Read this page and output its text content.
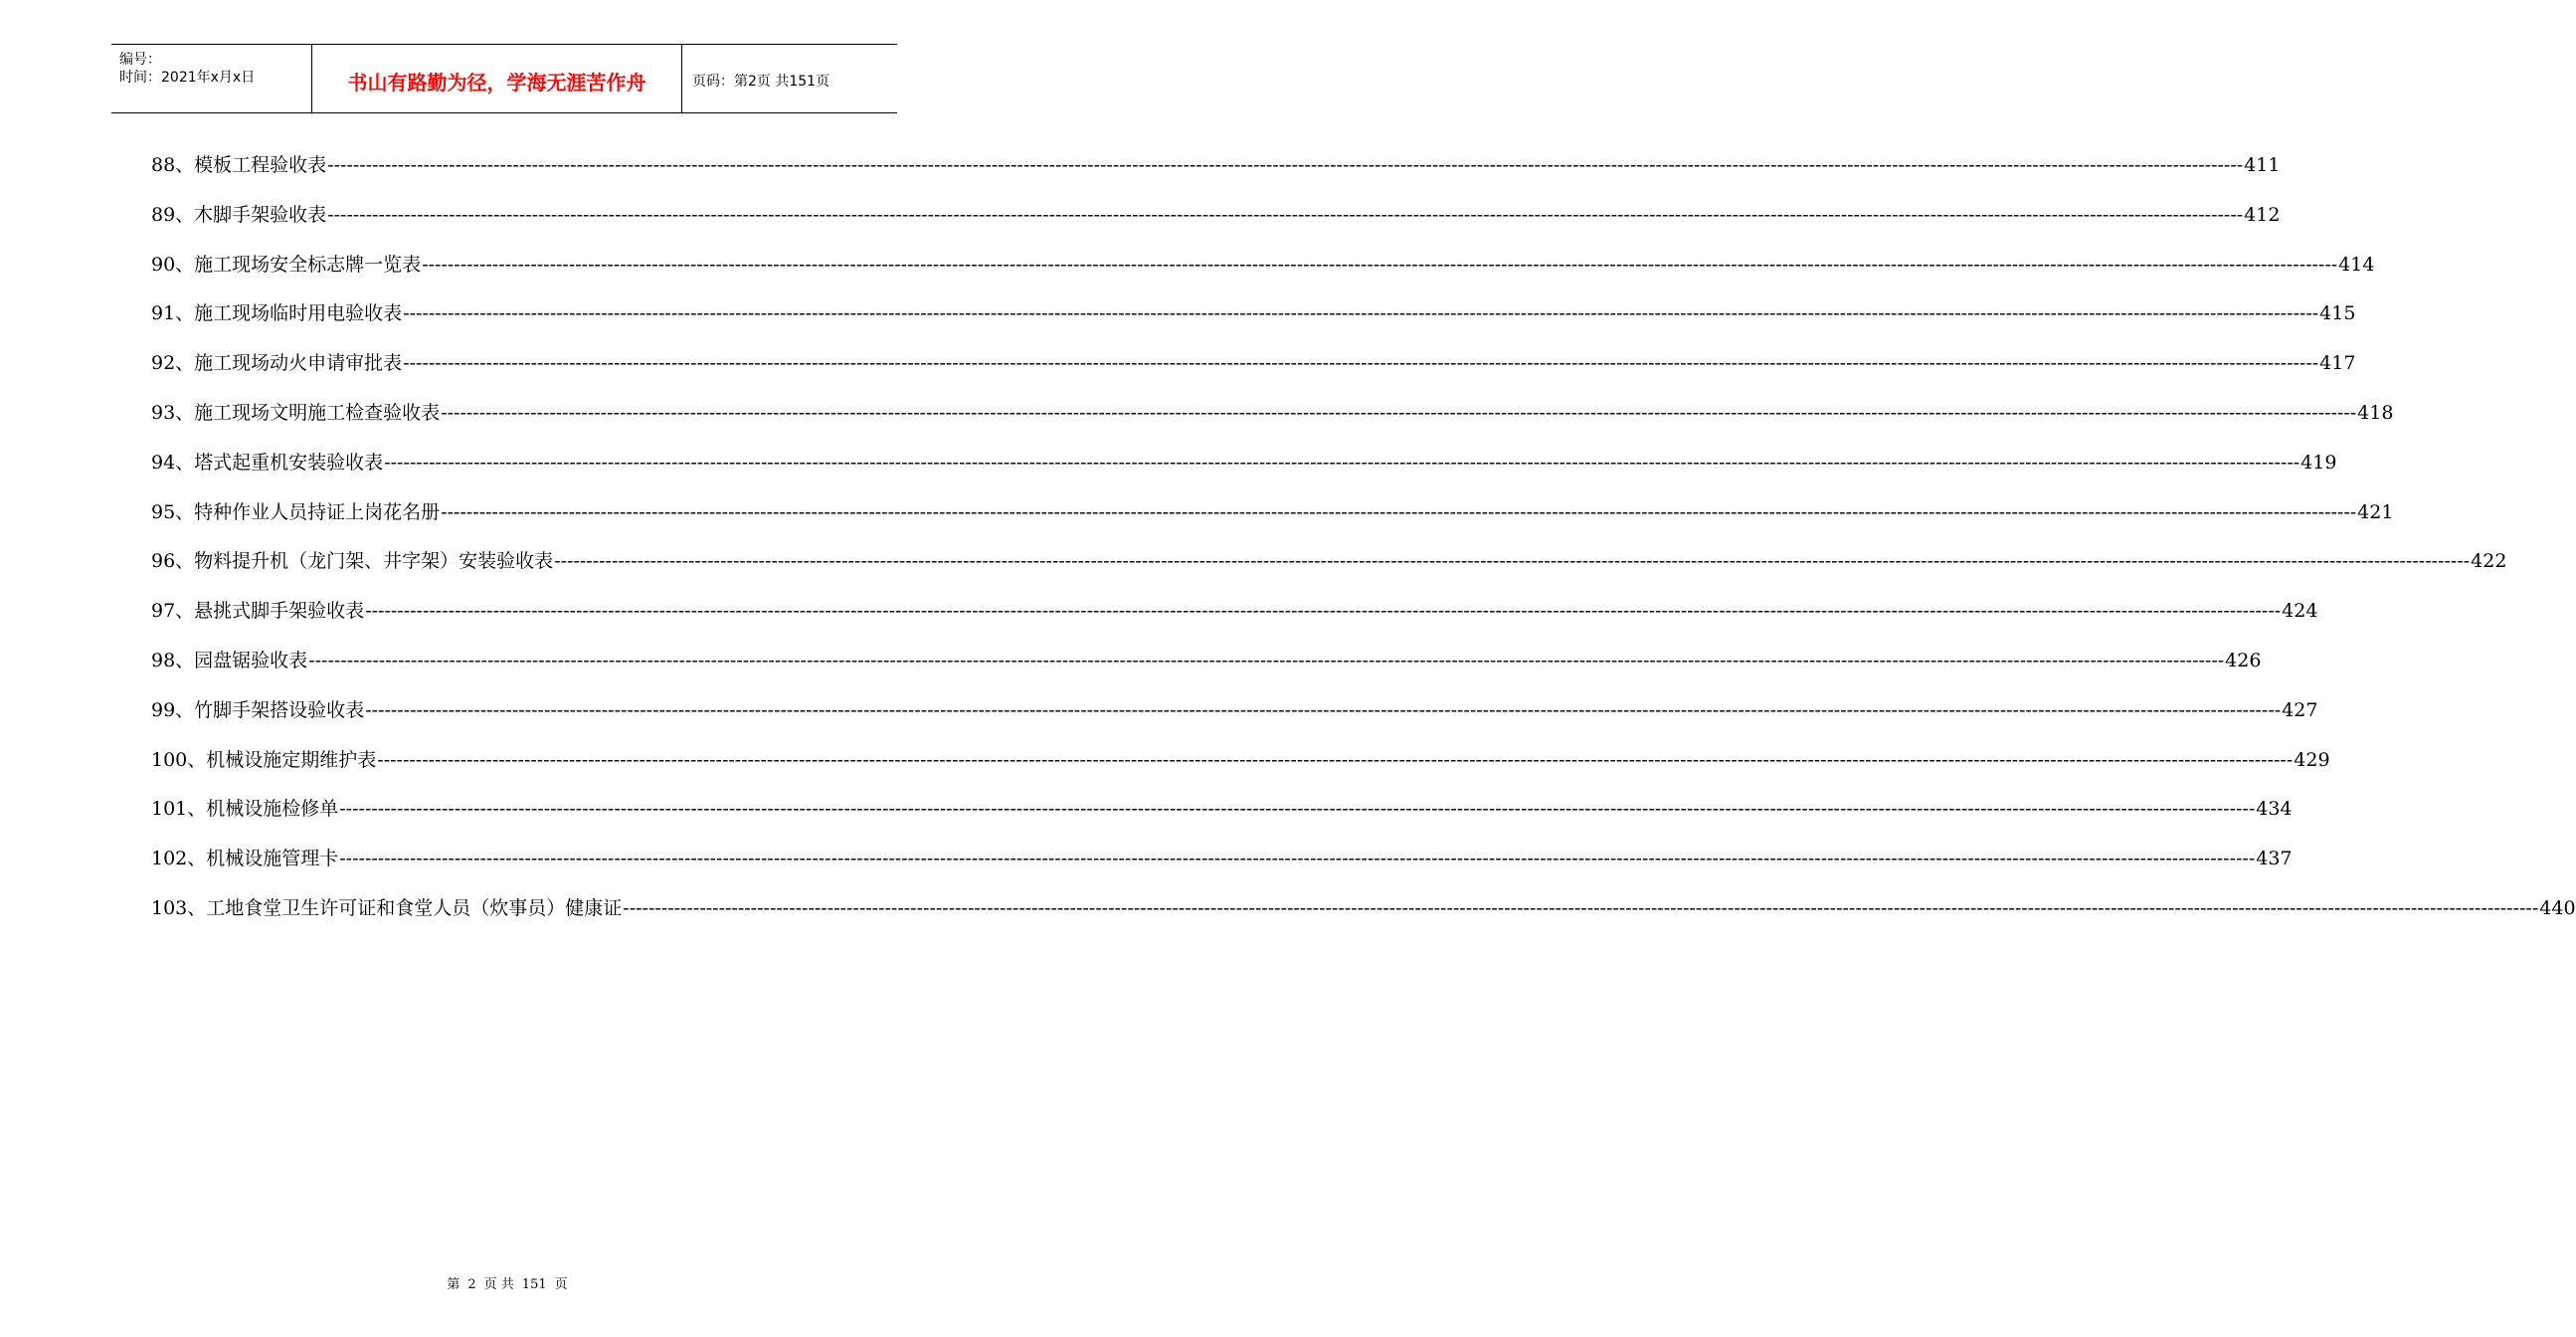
编号：
时间：2021年x月x日	书山有路勤为径，学海无涯苦作舟	页码：第2页 共151页
88、模板工程验收表 ------------------------------------------------------------------------------------------------------------------------------------------------------------------------------------------------------------------------------------------------------------------------------------------------------------ 411
89、木脚手架验收表 ------------------------------------------------------------------------------------------------------------------------------------------------------------------------------------------------------------------------------------------------------------------------------------------------------------ 412
90、施工现场安全标志牌一览表 ------------------------------------------------------------------------------------------------------------------------------------------------------------------------------------------------------------------------------------------------------------------------------------------------------------ 414
91、施工现场临时用电验收表 ------------------------------------------------------------------------------------------------------------------------------------------------------------------------------------------------------------------------------------------------------------------------------------------------------------ 415
92、施工现场动火申请审批表 ------------------------------------------------------------------------------------------------------------------------------------------------------------------------------------------------------------------------------------------------------------------------------------------------------------ 417
93、施工现场文明施工检查验收表 ------------------------------------------------------------------------------------------------------------------------------------------------------------------------------------------------------------------------------------------------------------------------------------------------------------ 418
94、塔式起重机安装验收表 ------------------------------------------------------------------------------------------------------------------------------------------------------------------------------------------------------------------------------------------------------------------------------------------------------------ 419
95、特种作业人员持证上岗花名册 ------------------------------------------------------------------------------------------------------------------------------------------------------------------------------------------------------------------------------------------------------------------------------------------------------------ 421
96、物料提升机（龙门架、井字架）安装验收表 ------------------------------------------------------------------------------------------------------------------------------------------------------------------------------------------------------------------------------------------------------------------------------------------------------------ 422
97、悬挑式脚手架验收表 ------------------------------------------------------------------------------------------------------------------------------------------------------------------------------------------------------------------------------------------------------------------------------------------------------------ 424
98、园盘锯验收表 ------------------------------------------------------------------------------------------------------------------------------------------------------------------------------------------------------------------------------------------------------------------------------------------------------------ 426
99、竹脚手架搭设验收表 ------------------------------------------------------------------------------------------------------------------------------------------------------------------------------------------------------------------------------------------------------------------------------------------------------------ 427
100、机械设施定期维护表 ------------------------------------------------------------------------------------------------------------------------------------------------------------------------------------------------------------------------------------------------------------------------------------------------------------ 429
101、机械设施检修单 ------------------------------------------------------------------------------------------------------------------------------------------------------------------------------------------------------------------------------------------------------------------------------------------------------------ 434
102、机械设施管理卡 ------------------------------------------------------------------------------------------------------------------------------------------------------------------------------------------------------------------------------------------------------------------------------------------------------------ 437
103、工地食堂卫生许可证和食堂人员（炊事员）健康证 ------------------------------------------------------------------------------------------------------------------------------------------------------------------------------------------------------------------------------------------------------------------------------------------------------------ 440
第 2 页 共 151 页
